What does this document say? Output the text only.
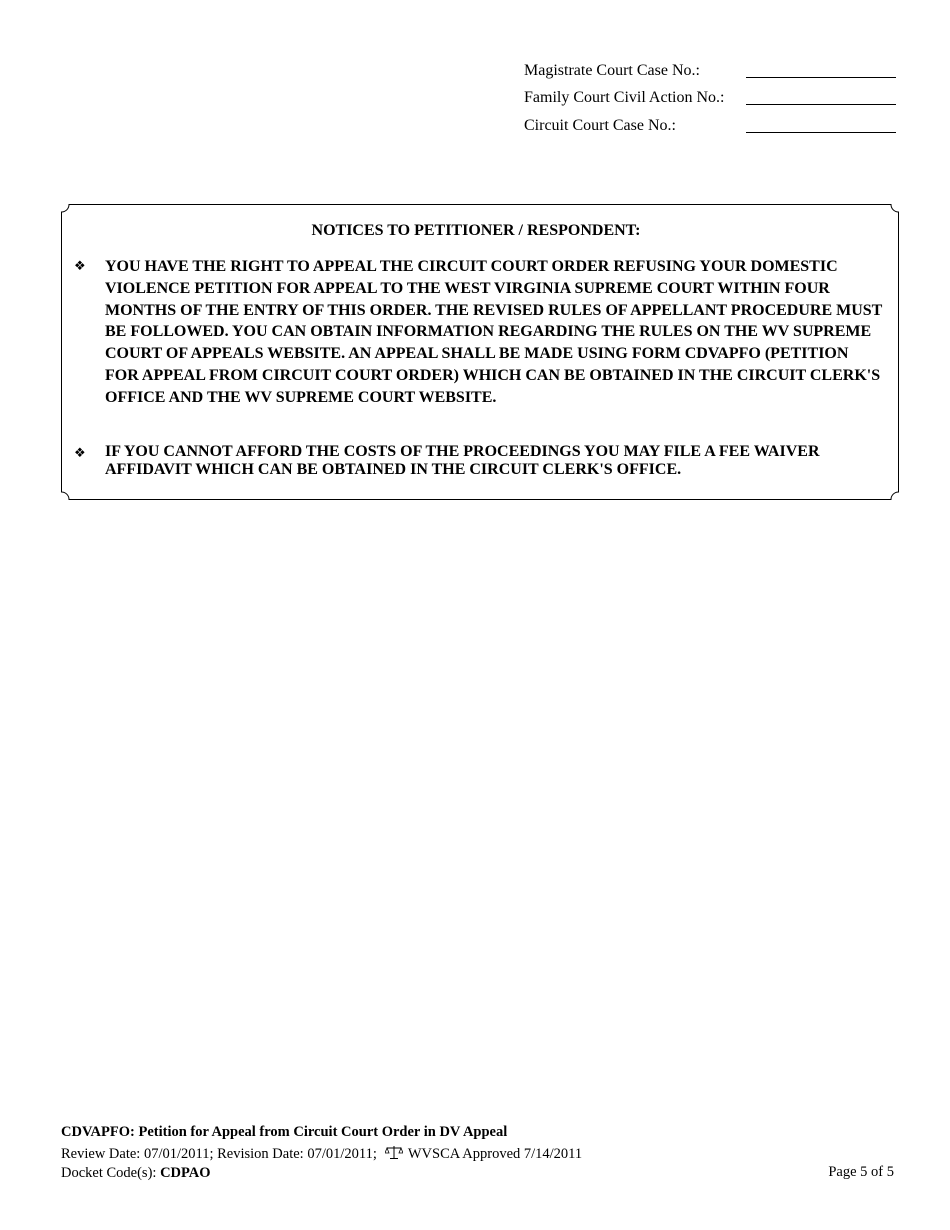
Magistrate Court Case No.:
Family Court Civil Action No.:
Circuit Court Case No.:
NOTICES TO PETITIONER / RESPONDENT:
❖ YOU HAVE THE RIGHT TO APPEAL THE CIRCUIT COURT ORDER REFUSING YOUR DOMESTIC VIOLENCE PETITION FOR APPEAL TO THE WEST VIRGINIA SUPREME COURT WITHIN FOUR MONTHS OF THE ENTRY OF THIS ORDER. THE REVISED RULES OF APPELLANT PROCEDURE MUST BE FOLLOWED. YOU CAN OBTAIN INFORMATION REGARDING THE RULES ON THE WV SUPREME COURT OF APPEALS WEBSITE. AN APPEAL SHALL BE MADE USING FORM CDVAPFO (PETITION FOR APPEAL FROM CIRCUIT COURT ORDER) WHICH CAN BE OBTAINED IN THE CIRCUIT CLERK'S OFFICE AND THE WV SUPREME COURT WEBSITE.
❖ IF YOU CANNOT AFFORD THE COSTS OF THE PROCEEDINGS YOU MAY FILE A FEE WAIVER AFFIDAVIT WHICH CAN BE OBTAINED IN THE CIRCUIT CLERK'S OFFICE.
CDVAPFO: Petition for Appeal from Circuit Court Order in DV Appeal
Review Date: 07/01/2011; Revision Date: 07/01/2011; WVSCA Approved 7/14/2011
Docket Code(s): CDPAO	Page 5 of 5
